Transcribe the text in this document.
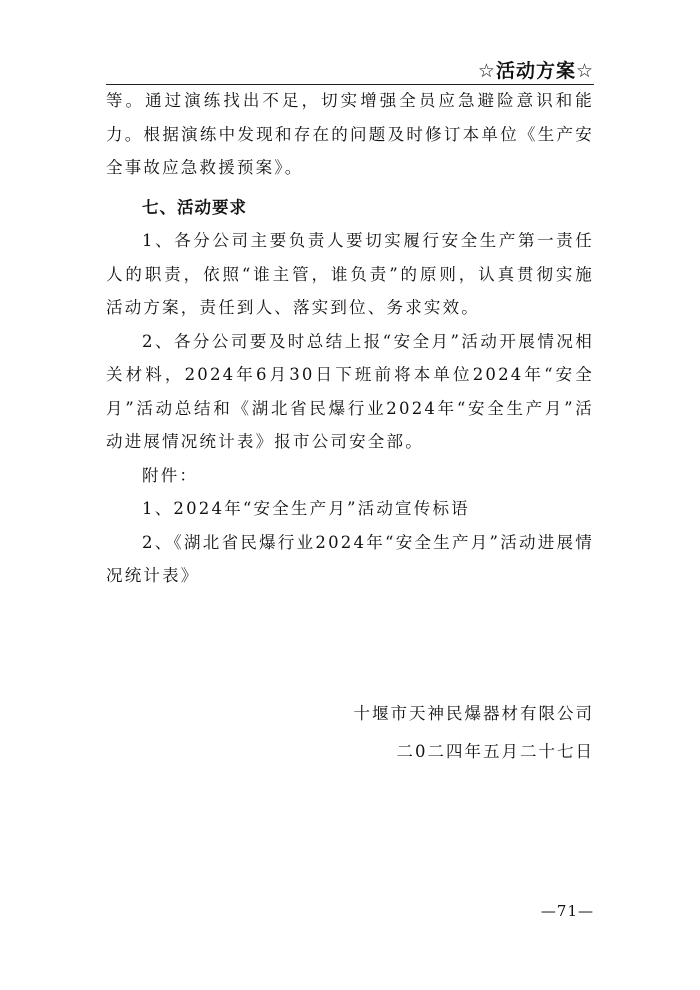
☆活动方案☆

等。通过演练找出不足，切实增强全员应急避险意识和能力。根据演练中发现和存在的问题及时修订本单位《生产安全事故应急救援预案》。

七、活动要求

1、各分公司主要负责人要切实履行安全生产第一责任人的职责，依照“谁主管，谁负责”的原则，认真贯彻实施活动方案，责任到人、落实到位、务求实效。

2、各分公司要及时总结上报“安全月”活动开展情况相关材料，2024年6月30日下班前将本单位2024年“安全月”活动总结和《湖北省民爆行业2024年“安全生产月”活动进展情况统计表》报市公司安全部。

附件：

1、2024年“安全生产月”活动宣传标语

2、《湖北省民爆行业2024年“安全生产月”活动进展情况统计表》

十堰市天神民爆器材有限公司
二0二四年五月二十七日
—71—
